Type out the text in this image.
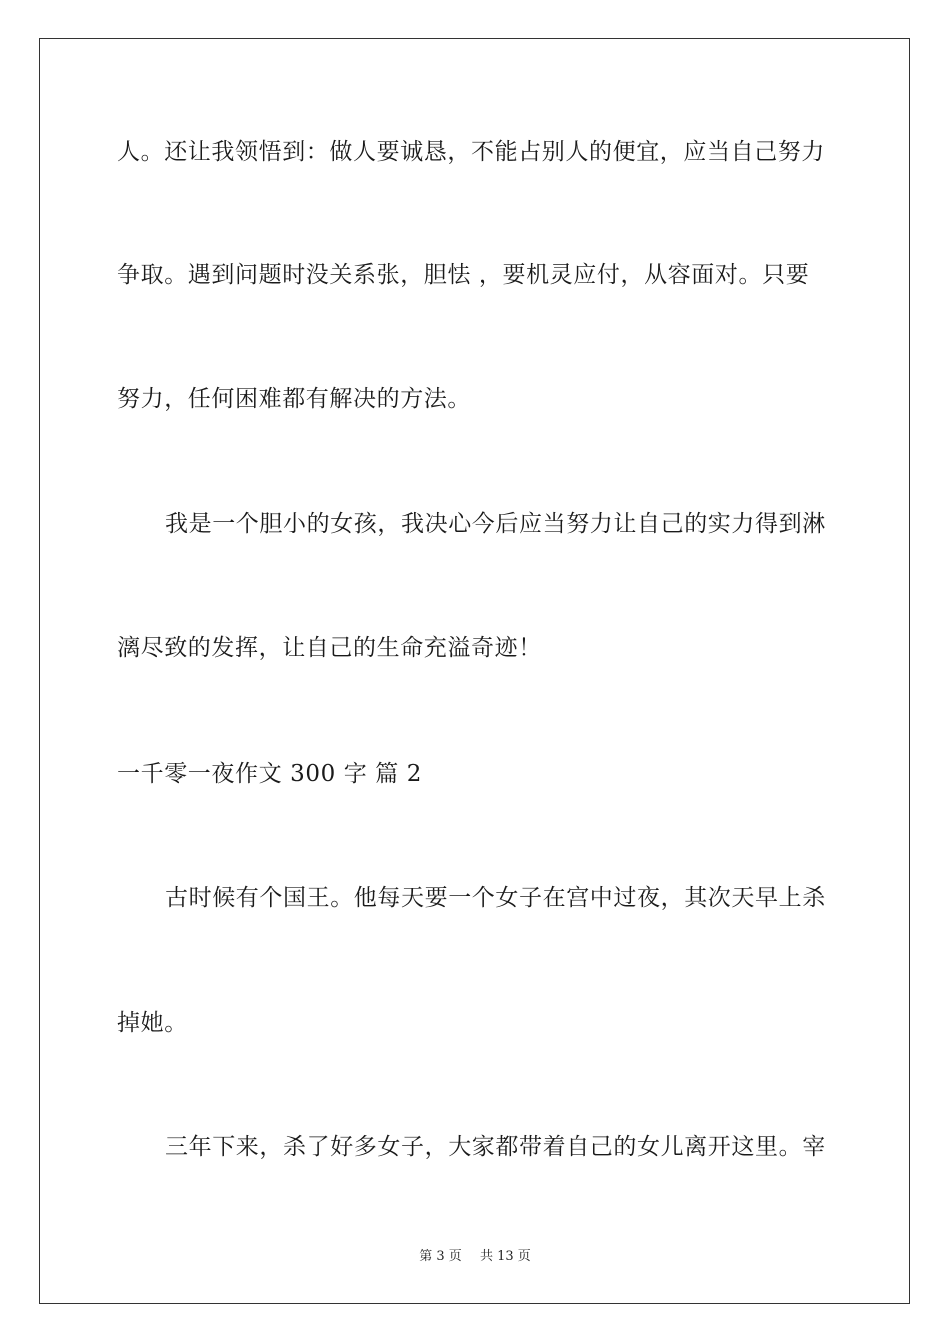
人。还让我领悟到：做人要诚恳，不能占别人的便宜，应当自己努力
争取。遇到问题时没关系张，胆怯 ，要机灵应付，从容面对。只要
努力，任何困难都有解决的方法。
我是一个胆小的女孩，我决心今后应当努力让自己的实力得到淋
漓尽致的发挥，让自己的生命充溢奇迹！
一千零一夜作文 300 字 篇 2
古时候有个国王。他每天要一个女子在宫中过夜，其次天早上杀
掉她。
三年下来，杀了好多女子，大家都带着自己的女儿离开这里。宰
第 3 页 共 13 页
